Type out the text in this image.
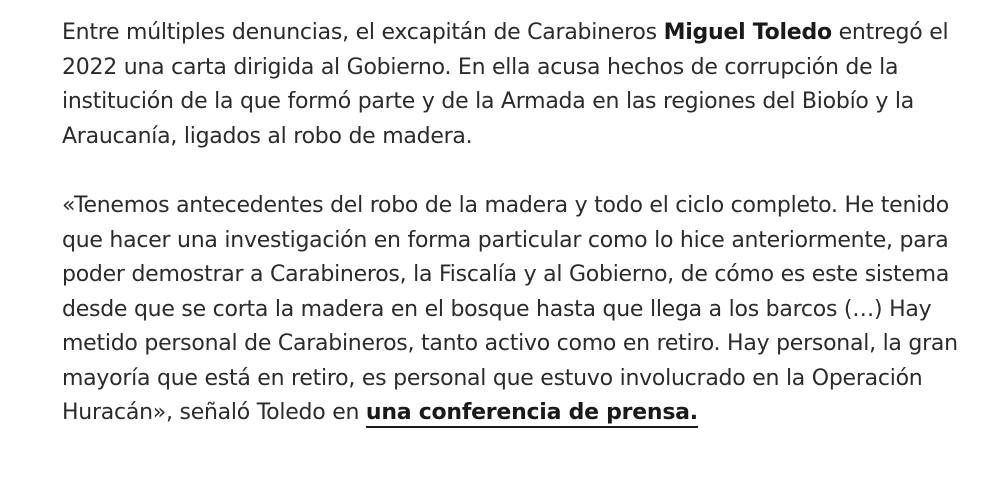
Entre múltiples denuncias, el excapitán de Carabineros Miguel Toledo entregó el 2022 una carta dirigida al Gobierno. En ella acusa hechos de corrupción de la institución de la que formó parte y de la Armada en las regiones del Biobío y la Araucanía, ligados al robo de madera.

«Tenemos antecedentes del robo de la madera y todo el ciclo completo. He tenido que hacer una investigación en forma particular como lo hice anteriormente, para poder demostrar a Carabineros, la Fiscalía y al Gobierno, de cómo es este sistema desde que se corta la madera en el bosque hasta que llega a los barcos (…) Hay metido personal de Carabineros, tanto activo como en retiro. Hay personal, la gran mayoría que está en retiro, es personal que estuvo involucrado en la Operación Huracán», señaló Toledo en una conferencia de prensa.
